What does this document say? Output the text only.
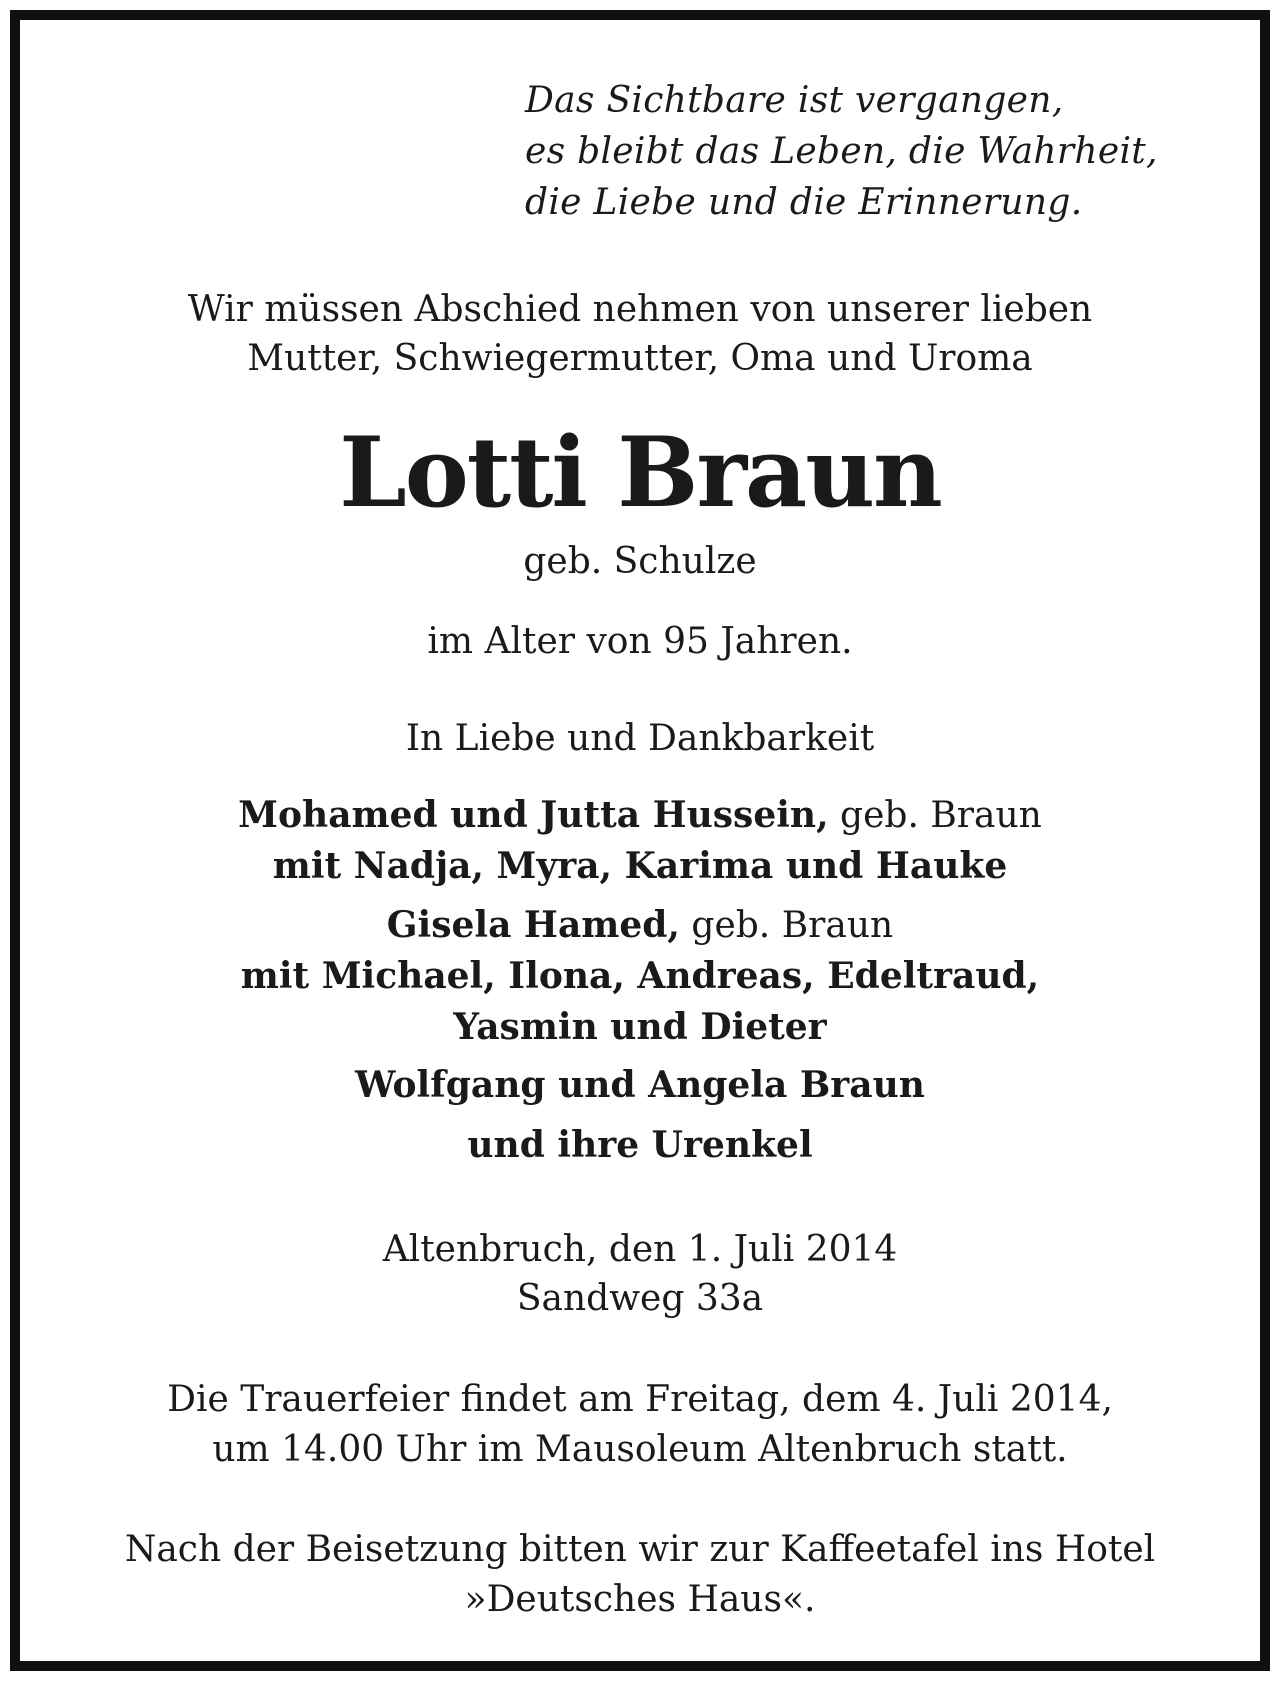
Das Sichtbare ist vergangen,
es bleibt das Leben, die Wahrheit,
die Liebe und die Erinnerung.
Wir müssen Abschied nehmen von unserer lieben
Mutter, Schwiegermutter, Oma und Uroma
Lotti Braun
geb. Schulze
im Alter von 95 Jahren.
In Liebe und Dankbarkeit
Mohamed und Jutta Hussein, geb. Braun
mit Nadja, Myra, Karima und Hauke
Gisela Hamed, geb. Braun
mit Michael, Ilona, Andreas, Edeltraud,
Yasmin und Dieter
Wolfgang und Angela Braun
und ihre Urenkel
Altenbruch, den 1. Juli 2014
Sandweg 33a
Die Trauerfeier findet am Freitag, dem 4. Juli 2014,
um 14.00 Uhr im Mausoleum Altenbruch statt.
Nach der Beisetzung bitten wir zur Kaffeetafel ins Hotel
»Deutsches Haus«.
